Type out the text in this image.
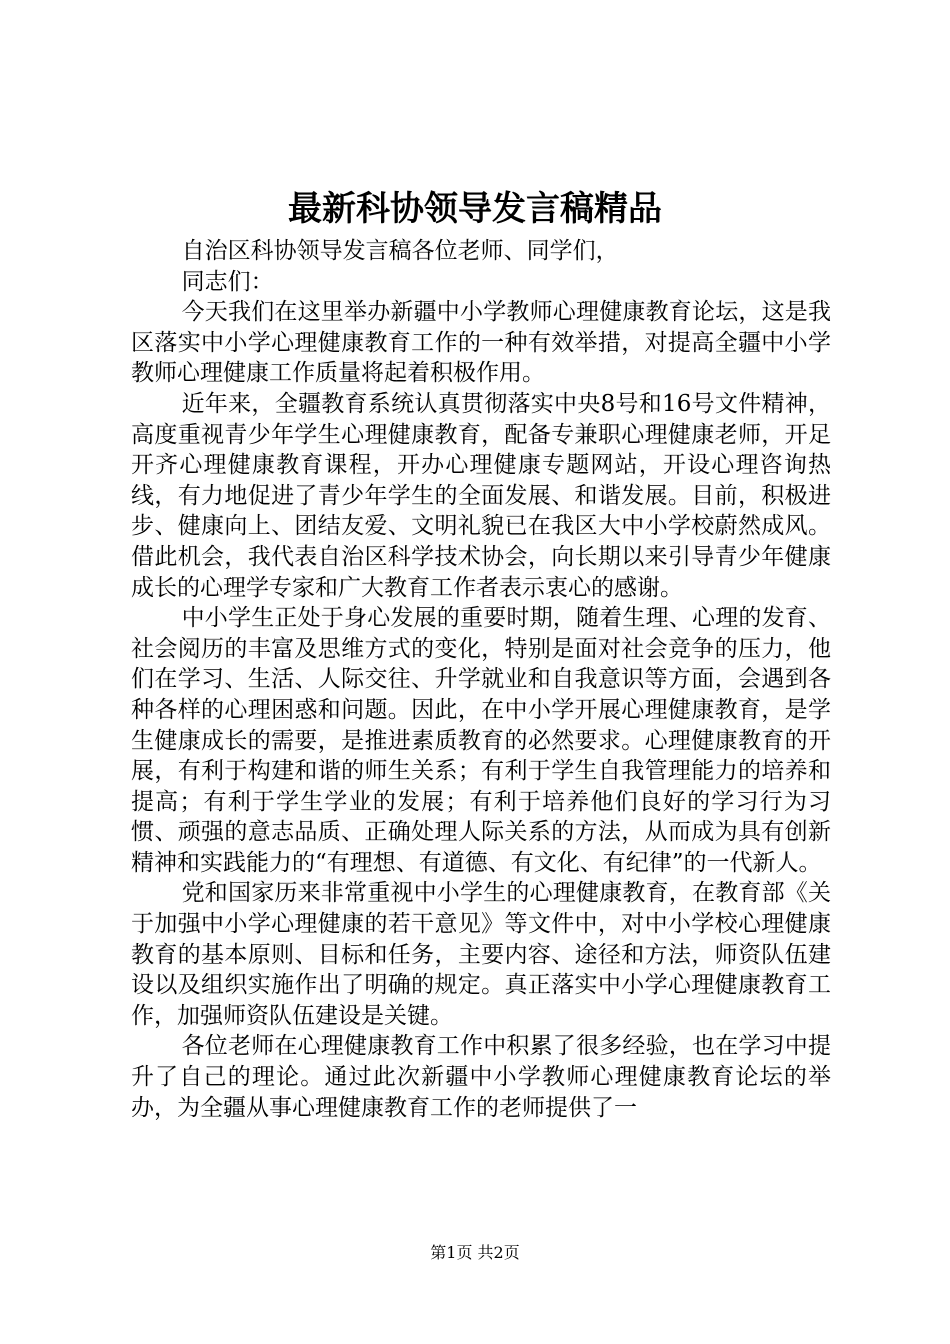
最新科协领导发言稿精品

自治区科协领导发言稿各位老师、同学们，

同志们：

今天我们在这里举办新疆中小学教师心理健康教育论坛，这是我区落实中小学心理健康教育工作的一种有效举措，对提高全疆中小学教师心理健康工作质量将起着积极作用。

近年来，全疆教育系统认真贯彻落实中央8号和16号文件精神，高度重视青少年学生心理健康教育，配备专兼职心理健康老师，开足开齐心理健康教育课程，开办心理健康专题网站，开设心理咨询热线，有力地促进了青少年学生的全面发展、和谐发展。目前，积极进步、健康向上、团结友爱、文明礼貌已在我区大中小学校蔚然成风。借此机会，我代表自治区科学技术协会，向长期以来引导青少年健康成长的心理学专家和广大教育工作者表示衷心的感谢。

中小学生正处于身心发展的重要时期，随着生理、心理的发育、社会阅历的丰富及思维方式的变化，特别是面对社会竞争的压力，他们在学习、生活、人际交往、升学就业和自我意识等方面，会遇到各种各样的心理困惑和问题。因此，在中小学开展心理健康教育，是学生健康成长的需要，是推进素质教育的必然要求。心理健康教育的开展，有利于构建和谐的师生关系；有利于学生自我管理能力的培养和提高；有利于学生学业的发展；有利于培养他们良好的学习行为习惯、顽强的意志品质、正确处理人际关系的方法，从而成为具有创新精神和实践能力的“有理想、有道德、有文化、有纪律”的一代新人。

党和国家历来非常重视中小学生的心理健康教育，在教育部《关于加强中小学心理健康的若干意见》等文件中，对中小学校心理健康教育的基本原则、目标和任务，主要内容、途径和方法，师资队伍建设以及组织实施作出了明确的规定。真正落实中小学心理健康教育工作，加强师资队伍建设是关键。

各位老师在心理健康教育工作中积累了很多经验，也在学习中提升了自己的理论。通过此次新疆中小学教师心理健康教育论坛的举办，为全疆从事心理健康教育工作的老师提供了一

第1页 共2页
